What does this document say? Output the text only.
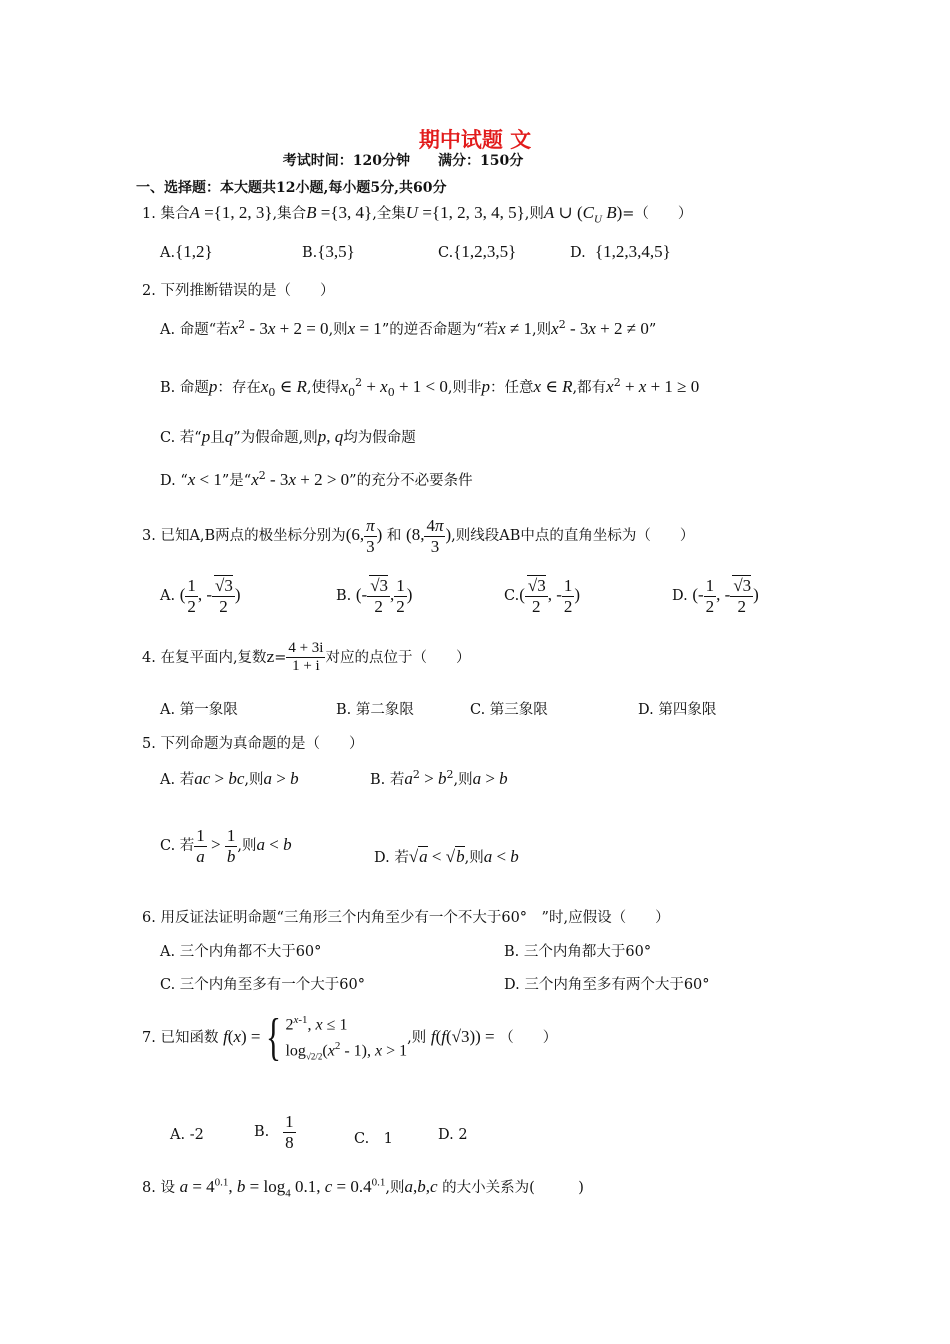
期中试题 文
考试时间：120分钟　　满分：150分
一、选择题：本大题共12小题,每小题5分,共60分
1. 集合A ={1, 2, 3},集合B ={3, 4},全集U ={1, 2, 3, 4, 5},则A ∪ ($C_U$ B)=（　　）
A.{1,2}	B.{3,5}	C.{1,2,3,5}	D. {1,2,3,4,5}
2. 下列推断错误的是（　　）
A. 命题“若$x^2 - 3x + 2 = 0$,则x = 1”的逆否命题为“若x ≠ 1,则$x^2 - 3x + 2 \ne 0$”
B. 命题p：存在$x_0$ ∈ R,使得$x_0^2 + x_0 + 1 < 0$,则非p：任意x ∈ R,都有$x^2 + x + 1 \ge 0$
C. 若“p且q”为假命题,则p, q均为假命题
D. “x < 1”是“$x^2 - 3x + 2 > 0$”的充分不必要条件
3. 已知A,B两点的极坐标分别为(6, $\frac{\pi}{3}$ ) 和 (8, $\frac{4\pi}{3}$ ),则线段AB中点的直角坐标为（　　）
A. ( $\frac{1}{2}$ , - $\frac{√3}{2}$ )	B. (- $\frac{√3}{2}$ , $\frac{1}{2}$ )	$C.( \frac{√3}{2}$ , - $\frac{1}{2}$ )	D. (- $\frac{1}{2}$ , - $\frac{√3}{2}$ )
4. 在复平面内,复数$z= \frac{4 + 3i}{1 + i}$ 对应的点位于（　　）
A. 第一象限	B. 第二象限	C. 第三象限	D. 第四象限
5. 下列命题为真命题的是（　　）
A. 若ac > bc,则a > b	B. 若$a^2 > b^2$,则a > b
C. 若 $\frac{1}{a} > \frac{1}{b}$ ,则a < b
D. 若√a < √b,则a < b
6. 用反证法证明命题“三角形三个内角至少有一个不大于60°　”时,应假设（　　）
A. 三个内角都不大于60°	B. 三个内角都大于60°
C. 三个内角至多有一个大于60°	D. 三个内角至多有两个大于60°
7. 已知函数 f(x) ={ 2$^{x-1}$, x ≤ 1
$\log_{√2/2}(x^2 - 1)$, x > 1,则 f(f(√3)) = （　　）
A. -2	B. $\frac{1}{8}$	C.　1	D. 2
8. 设 $a = 4^{0.1}$, $b = \log_4 0.1$, $c = 0.4^{0.1}$,则a,b,c 的大小关系为(　　　)
